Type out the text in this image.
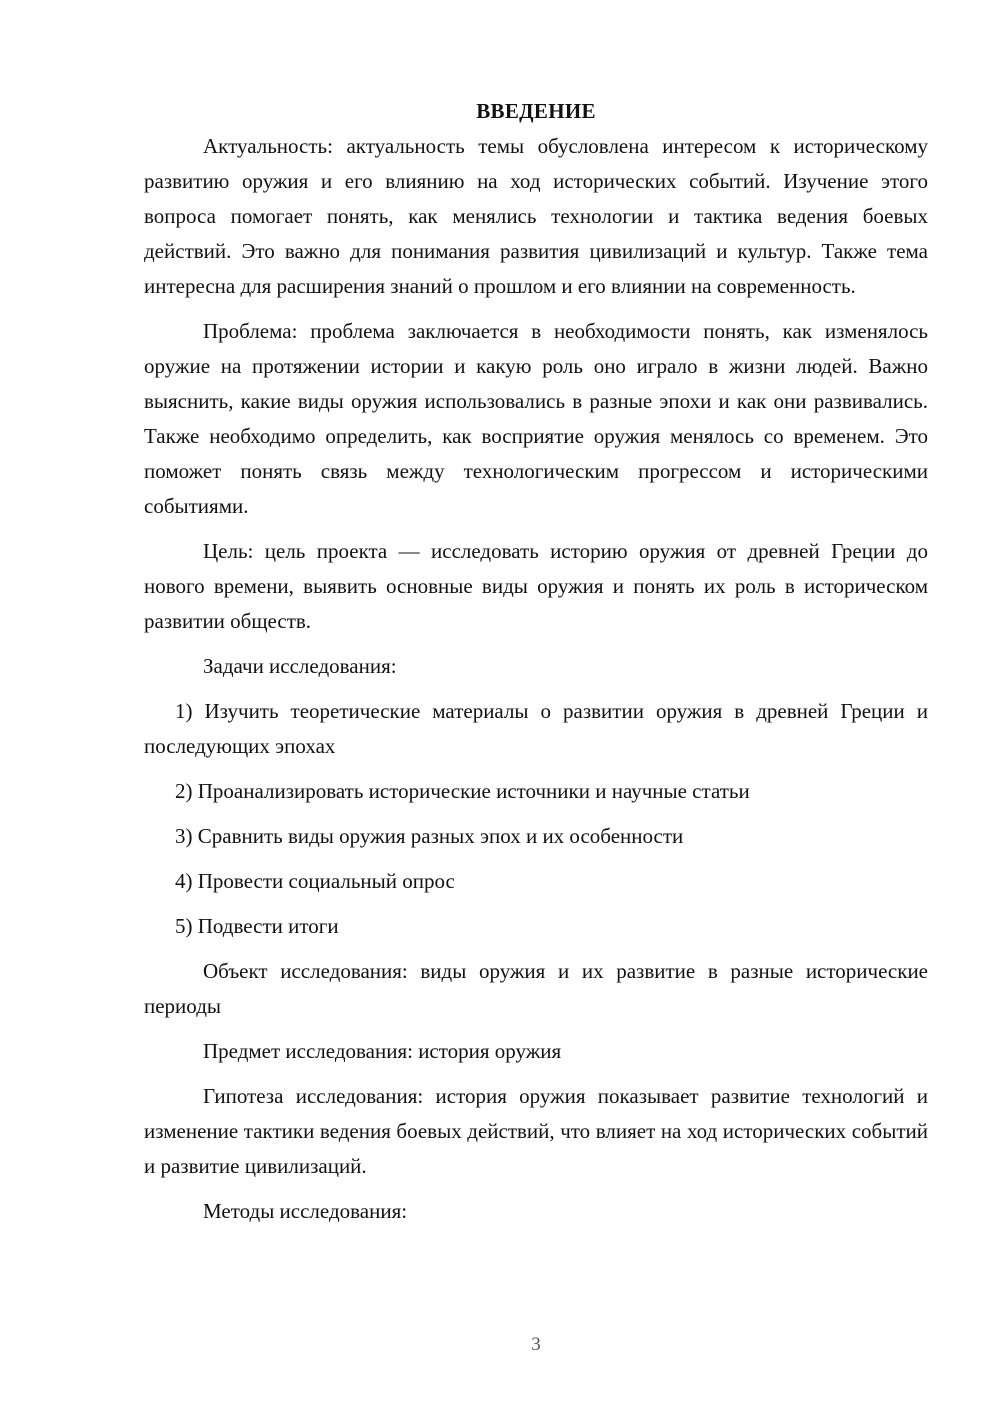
ВВЕДЕНИЕ

Актуальность: актуальность темы обусловлена интересом к историческому развитию оружия и его влиянию на ход исторических событий. Изучение этого вопроса помогает понять, как менялись технологии и тактика ведения боевых действий. Это важно для понимания развития цивилизаций и культур. Также тема интересна для расширения знаний о прошлом и его влиянии на современность.

Проблема: проблема заключается в необходимости понять, как изменялось оружие на протяжении истории и какую роль оно играло в жизни людей. Важно выяснить, какие виды оружия использовались в разные эпохи и как они развивались. Также необходимо определить, как восприятие оружия менялось со временем. Это поможет понять связь между технологическим прогрессом и историческими событиями.

Цель: цель проекта — исследовать историю оружия от древней Греции до нового времени, выявить основные виды оружия и понять их роль в историческом развитии обществ.

Задачи исследования:

1) Изучить теоретические материалы о развитии оружия в древней Греции и последующих эпохах

2) Проанализировать исторические источники и научные статьи

3) Сравнить виды оружия разных эпох и их особенности

4) Провести социальный опрос

5) Подвести итоги

Объект исследования: виды оружия и их развитие в разные исторические периоды

Предмет исследования: история оружия

Гипотеза исследования: история оружия показывает развитие технологий и изменение тактики ведения боевых действий, что влияет на ход исторических событий и развитие цивилизаций.

Методы исследования:

3
